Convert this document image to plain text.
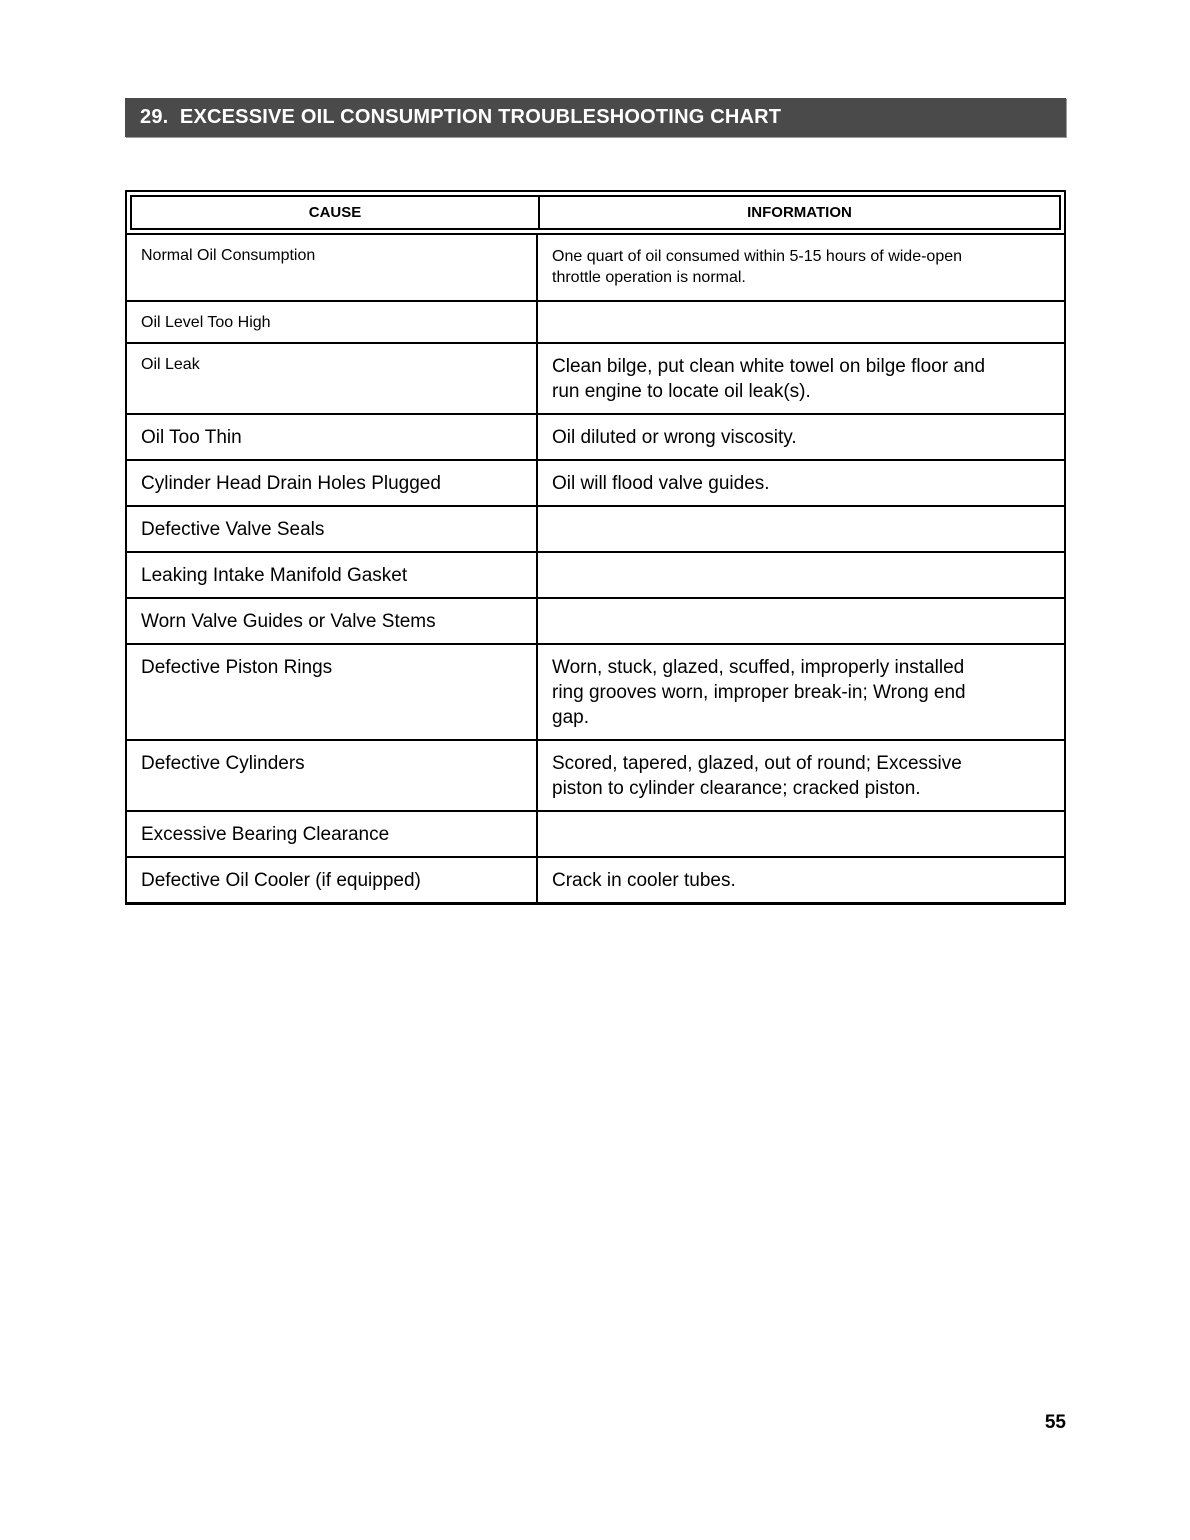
29.  EXCESSIVE OIL CONSUMPTION TROUBLESHOOTING CHART
CAUSE	INFORMATION
Normal Oil Consumption	One quart of oil consumed within 5-15 hours of wide-open
throttle operation is normal.
Oil Level Too High
Oil Leak	Clean bilge, put clean white towel on bilge floor and
run engine to locate oil leak(s).
Oil Too Thin	Oil diluted or wrong viscosity.
Cylinder Head Drain Holes Plugged	Oil will flood valve guides.
Defective Valve Seals
Leaking Intake Manifold Gasket
Worn Valve Guides or Valve Stems
Defective Piston Rings	Worn, stuck, glazed, scuffed, improperly installed
ring grooves worn, improper break-in; Wrong end
gap.
Defective Cylinders	Scored, tapered, glazed, out of round; Excessive
piston to cylinder clearance; cracked piston.
Excessive Bearing Clearance
Defective Oil Cooler (if equipped)	Crack in cooler tubes.
55
